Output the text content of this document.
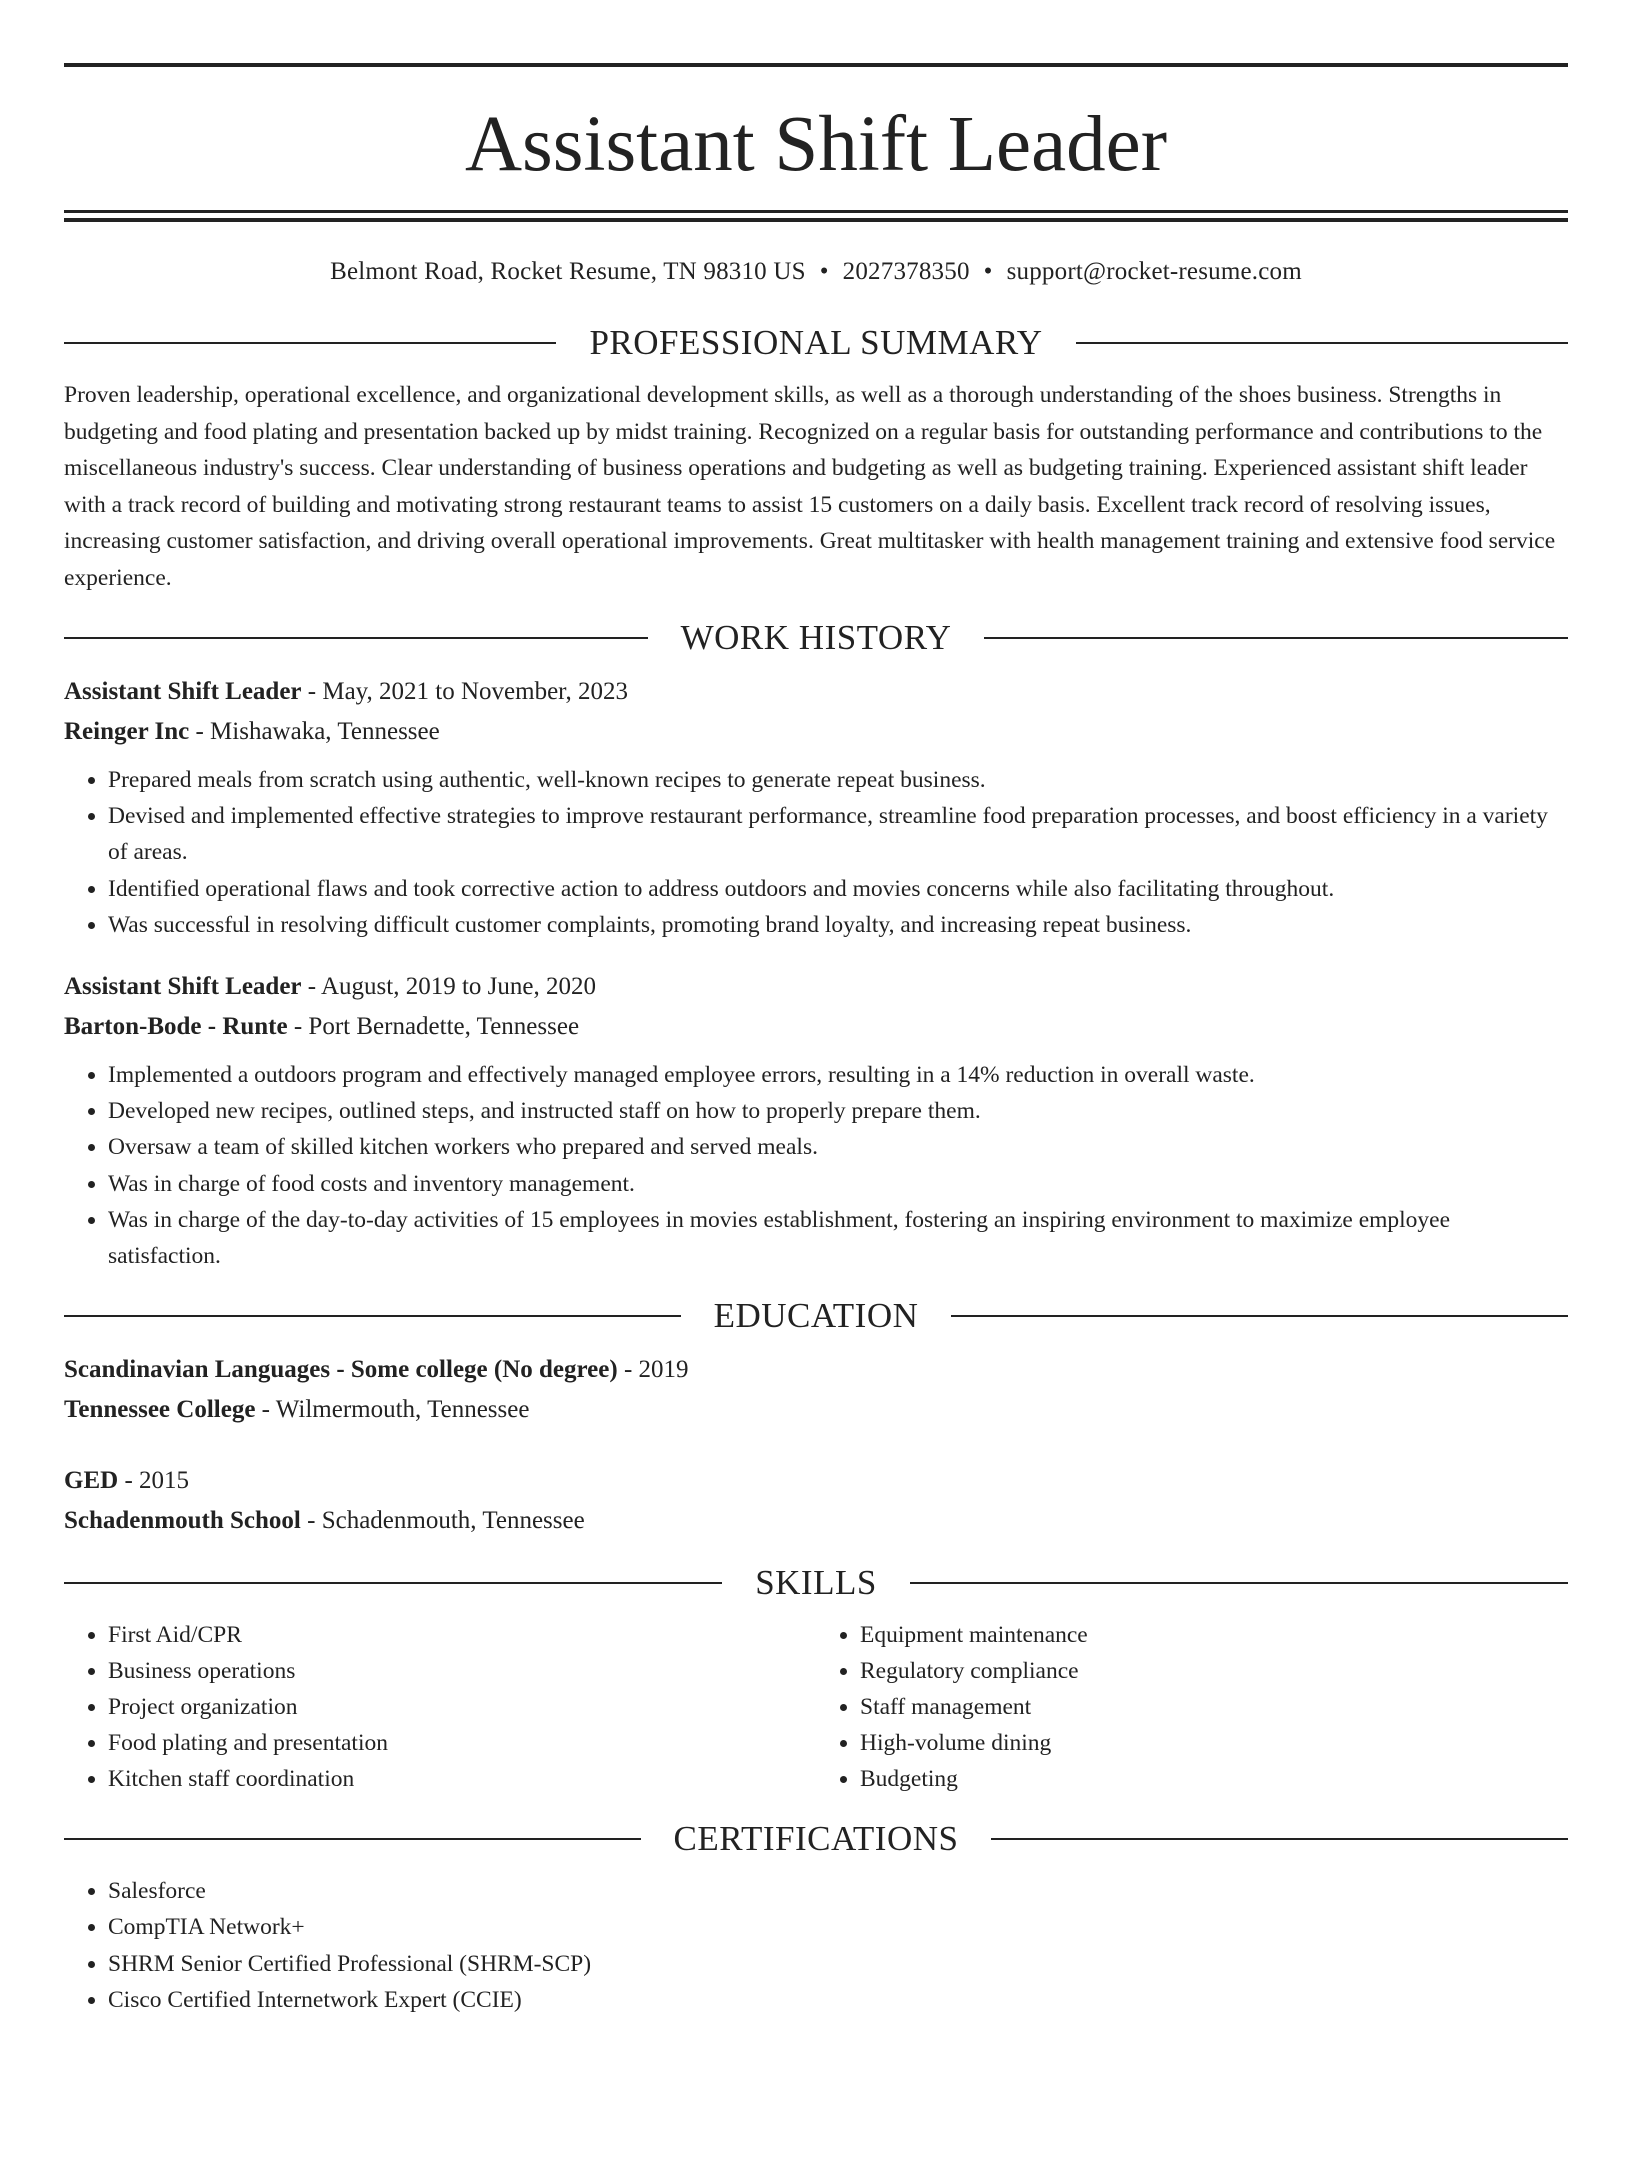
Assistant Shift Leader
Belmont Road, Rocket Resume, TN 98310 US • 2027378350 • support@rocket-resume.com
PROFESSIONAL SUMMARY
Proven leadership, operational excellence, and organizational development skills, as well as a thorough understanding of the shoes business. Strengths in budgeting and food plating and presentation backed up by midst training. Recognized on a regular basis for outstanding performance and contributions to the miscellaneous industry's success. Clear understanding of business operations and budgeting as well as budgeting training. Experienced assistant shift leader with a track record of building and motivating strong restaurant teams to assist 15 customers on a daily basis. Excellent track record of resolving issues, increasing customer satisfaction, and driving overall operational improvements. Great multitasker with health management training and extensive food service experience.
WORK HISTORY
Assistant Shift Leader - May, 2021 to November, 2023
Reinger Inc - Mishawaka, Tennessee
• Prepared meals from scratch using authentic, well-known recipes to generate repeat business.
• Devised and implemented effective strategies to improve restaurant performance, streamline food preparation processes, and boost efficiency in a variety of areas.
• Identified operational flaws and took corrective action to address outdoors and movies concerns while also facilitating throughout.
• Was successful in resolving difficult customer complaints, promoting brand loyalty, and increasing repeat business.
Assistant Shift Leader - August, 2019 to June, 2020
Barton-Bode - Runte - Port Bernadette, Tennessee
• Implemented a outdoors program and effectively managed employee errors, resulting in a 14% reduction in overall waste.
• Developed new recipes, outlined steps, and instructed staff on how to properly prepare them.
• Oversaw a team of skilled kitchen workers who prepared and served meals.
• Was in charge of food costs and inventory management.
• Was in charge of the day-to-day activities of 15 employees in movies establishment, fostering an inspiring environment to maximize employee satisfaction.
EDUCATION
Scandinavian Languages - Some college (No degree) - 2019
Tennessee College - Wilmermouth, Tennessee
GED - 2015
Schadenmouth School - Schadenmouth, Tennessee
SKILLS
• First Aid/CPR
• Business operations
• Project organization
• Food plating and presentation
• Kitchen staff coordination
• Equipment maintenance
• Regulatory compliance
• Staff management
• High-volume dining
• Budgeting
CERTIFICATIONS
• Salesforce
• CompTIA Network+
• SHRM Senior Certified Professional (SHRM-SCP)
• Cisco Certified Internetwork Expert (CCIE)
